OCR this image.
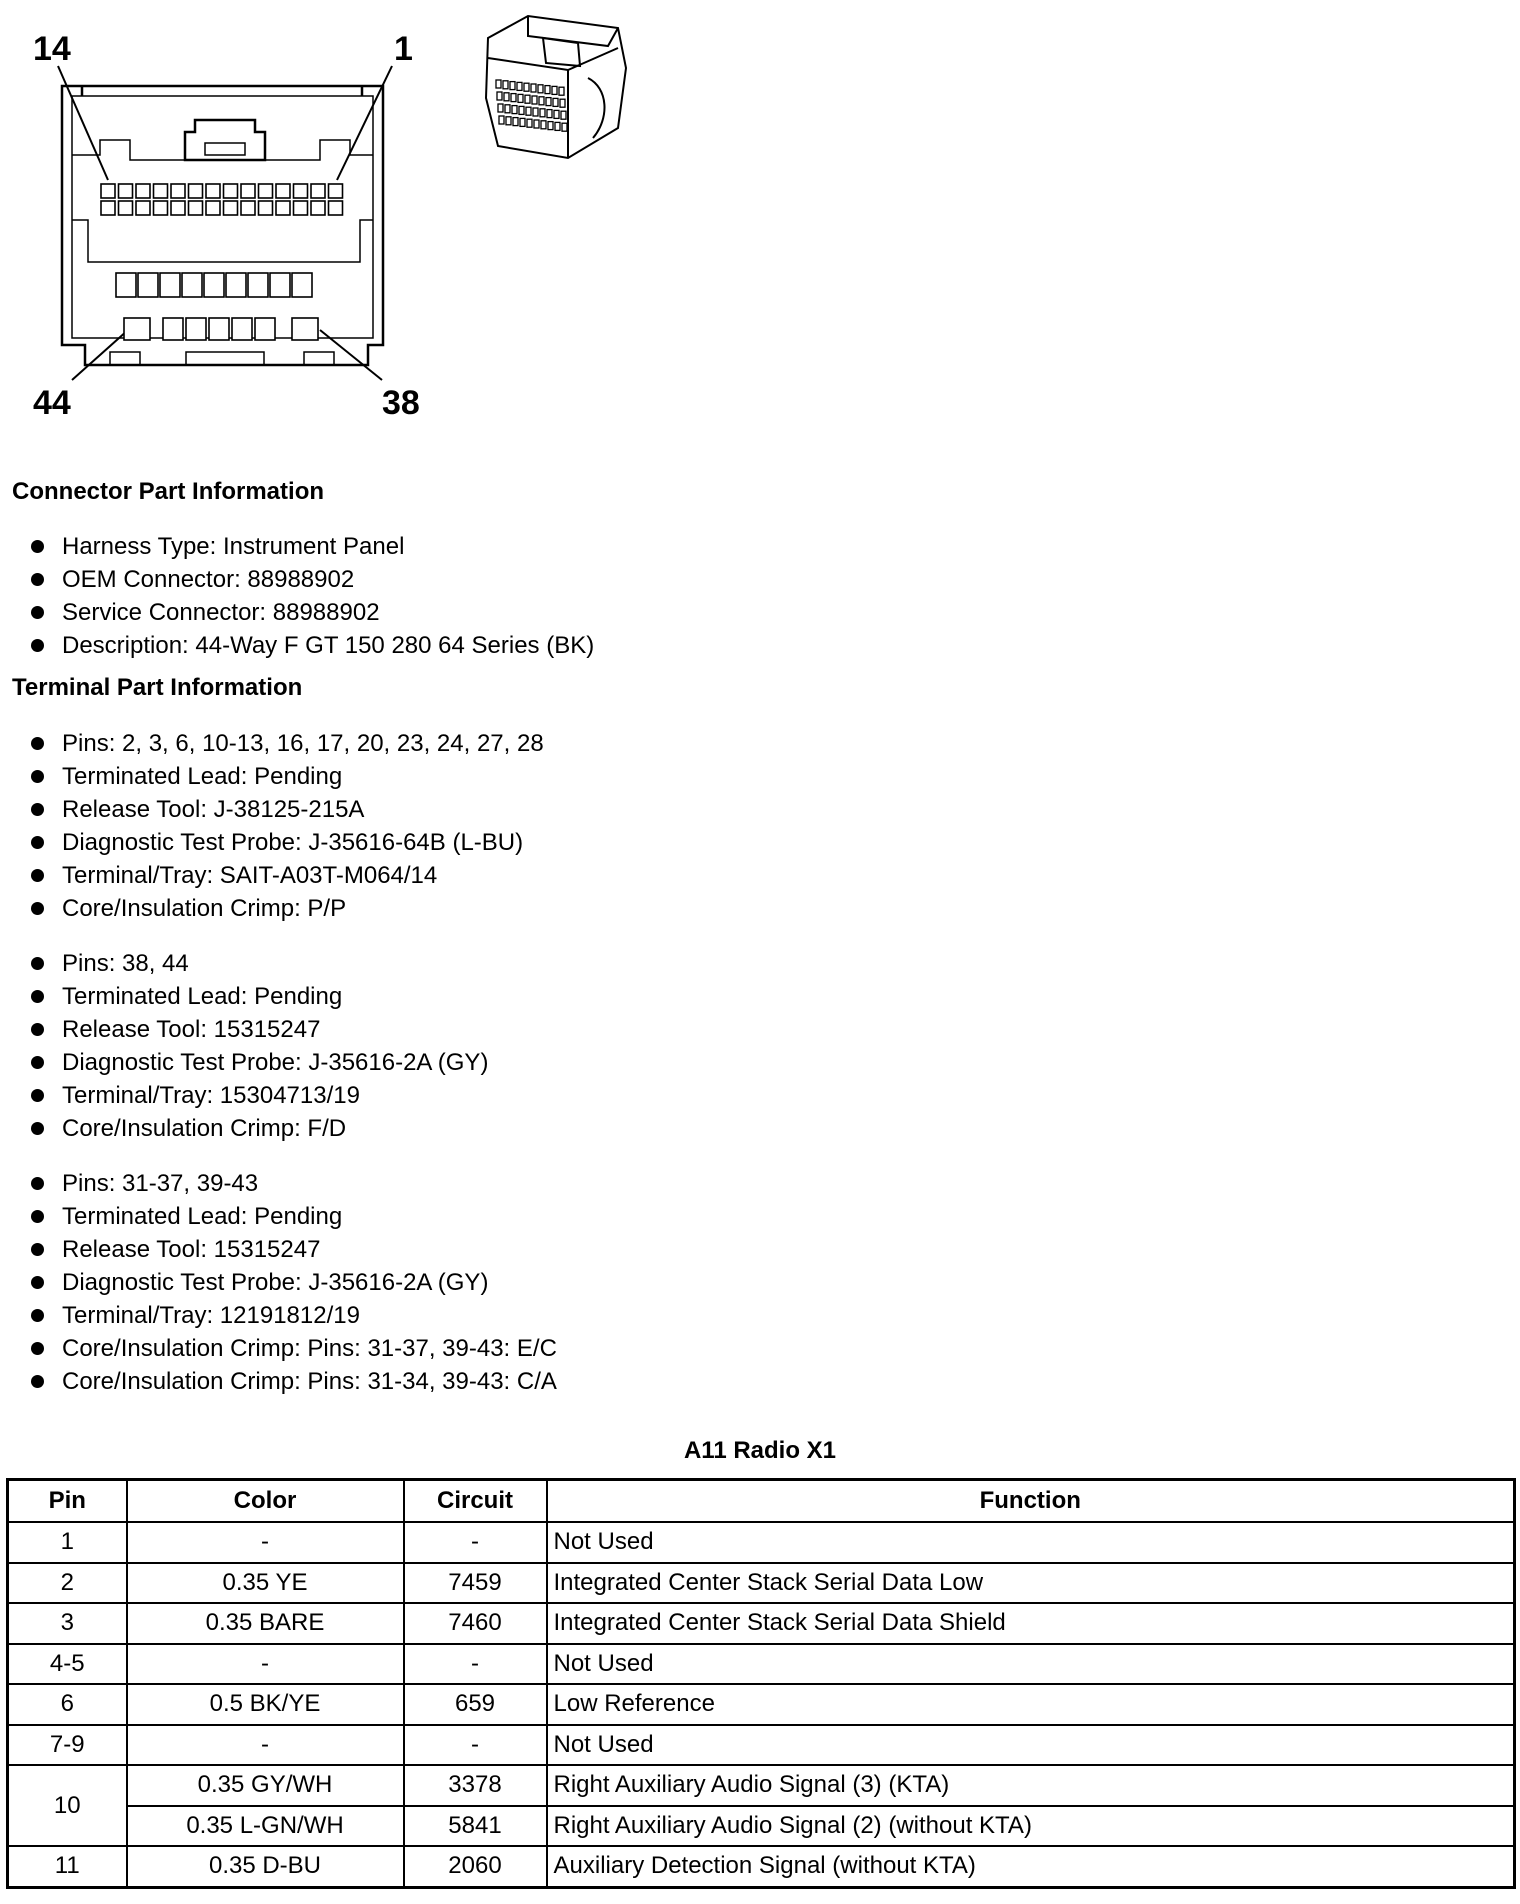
14	1
44	38
Connector Part Information
Harness Type: Instrument Panel
OEM Connector: 88988902
Service Connector: 88988902
Description: 44-Way F GT 150 280 64 Series (BK)
Terminal Part Information
Pins: 2, 3, 6, 10-13, 16, 17, 20, 23, 24, 27, 28
Terminated Lead: Pending
Release Tool: J-38125-215A
Diagnostic Test Probe: J-35616-64B (L-BU)
Terminal/Tray: SAIT-A03T-M064/14
Core/Insulation Crimp: P/P
Pins: 38, 44
Terminated Lead: Pending
Release Tool: 15315247
Diagnostic Test Probe: J-35616-2A (GY)
Terminal/Tray: 15304713/19
Core/Insulation Crimp: F/D
Pins: 31-37, 39-43
Terminated Lead: Pending
Release Tool: 15315247
Diagnostic Test Probe: J-35616-2A (GY)
Terminal/Tray: 12191812/19
Core/Insulation Crimp: Pins: 31-37, 39-43: E/C
Core/Insulation Crimp: Pins: 31-34, 39-43: C/A
A11 Radio X1
Pin	Color	Circuit	Function
1	-	-	Not Used
2	0.35 YE	7459	Integrated Center Stack Serial Data Low
3	0.35 BARE	7460	Integrated Center Stack Serial Data Shield
4-5	-	-	Not Used
6	0.5 BK/YE	659	Low Reference
7-9	-	-	Not Used
10	0.35 GY/WH	3378	Right Auxiliary Audio Signal (3) (KTA)
	0.35 L-GN/WH	5841	Right Auxiliary Audio Signal (2) (without KTA)
11	0.35 D-BU	2060	Auxiliary Detection Signal (without KTA)
